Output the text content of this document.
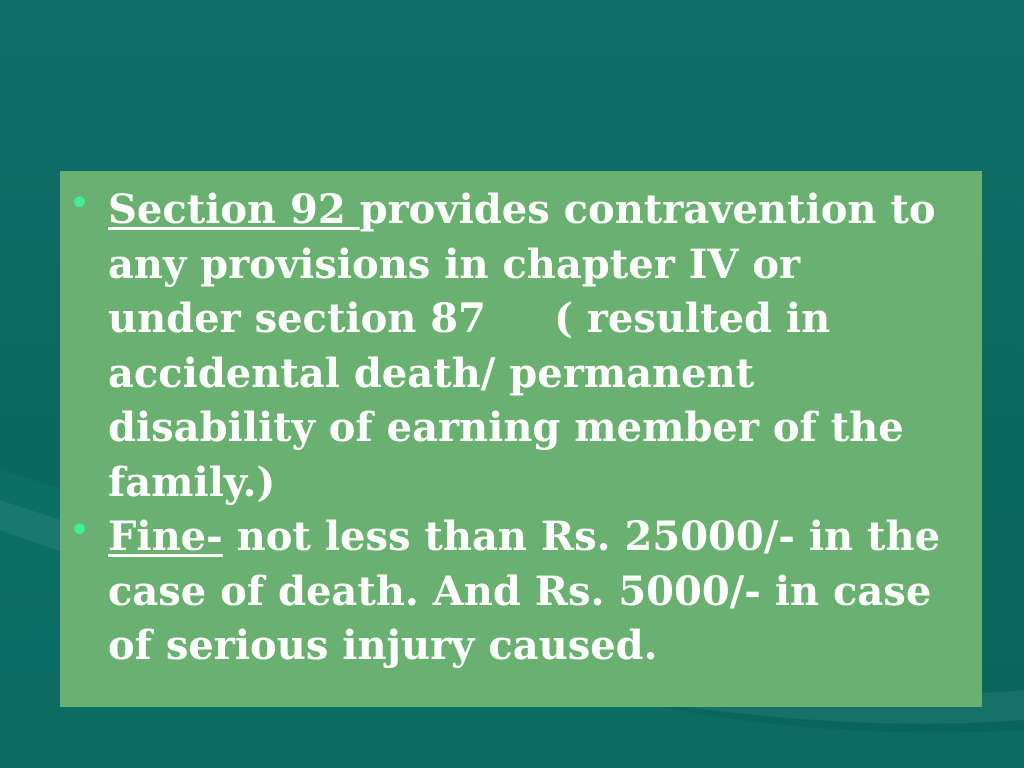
• Section 92 provides contravention to
any provisions in chapter IV or
under section 87 ( resulted in
accidental death/ permanent
disability of earning member of the
family.)
• Fine- not less than Rs. 25000/- in the
case of death. And Rs. 5000/- in case
of serious injury caused.
